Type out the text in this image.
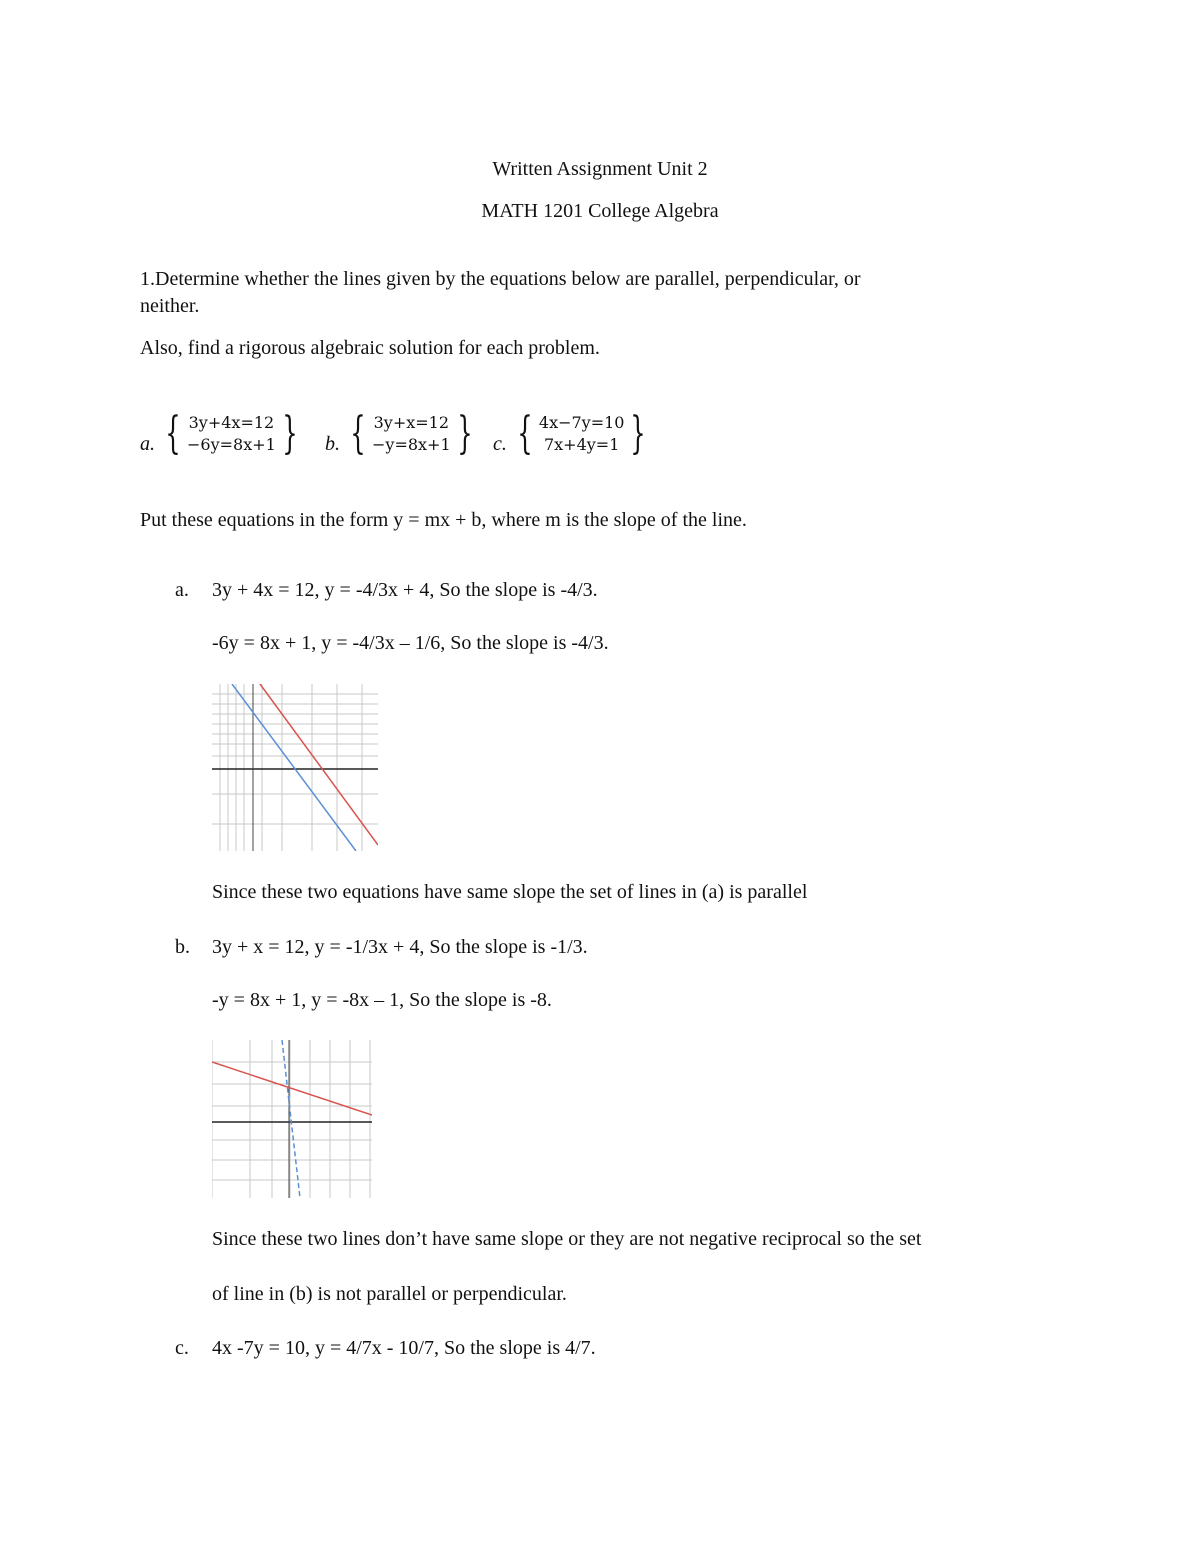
Written Assignment Unit 2
MATH 1201 College Algebra
1.Determine whether the lines given by the equations below are parallel, perpendicular, or
neither.
Also, find a rigorous algebraic solution for each problem.
a. { 3y+4x=12
−6y=8x+1 } b. { 3y+x=12
−y=8x+1 } c. { 4x−7y=10
7x+4y=1 }
Put these equations in the form y = mx + b, where m is the slope of the line.
a.	3y + 4x = 12, y = -4/3x + 4, So the slope is -4/3.
-6y = 8x + 1, y = -4/3x – 1/6, So the slope is -4/3.
Since these two equations have same slope the set of lines in (a) is parallel
b.	3y + x = 12, y = -1/3x + 4, So the slope is -1/3.
-y = 8x + 1, y = -8x – 1, So the slope is -8.
Since these two lines don’t have same slope or they are not negative reciprocal so the set
of line in (b) is not parallel or perpendicular.
c.	4x -7y = 10, y = 4/7x - 10/7, So the slope is 4/7.
